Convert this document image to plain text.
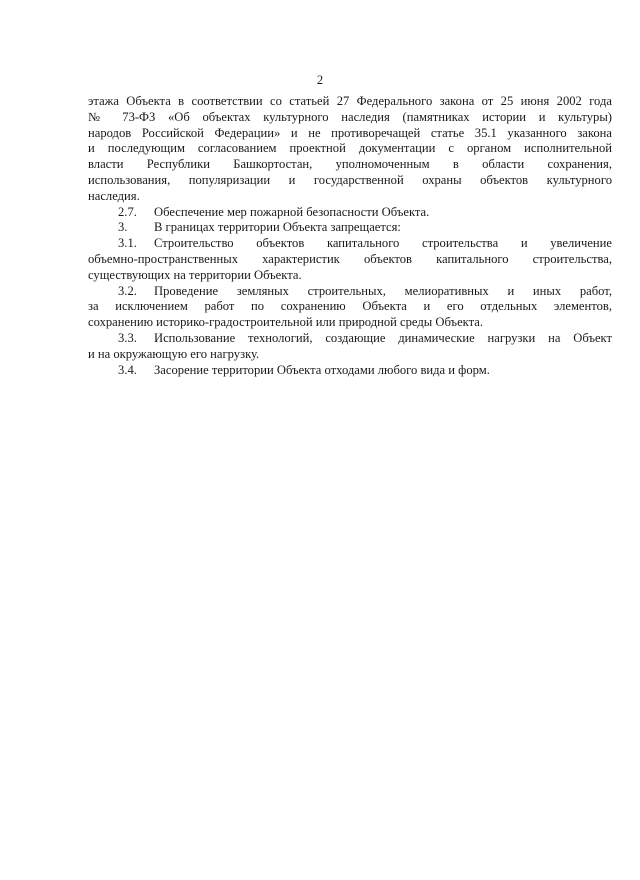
2
этажа Объекта в соответствии со статьей 27 Федерального закона от 25 июня 2002 года
№ 73-ФЗ «Об объектах культурного наследия (памятниках истории и культуры)
народов Российской Федерации» и не противоречащей статье 35.1 указанного закона
и последующим согласованием проектной документации с органом исполнительной
власти Республики Башкортостан, уполномоченным в области сохранения,
использования, популяризации и государственной охраны объектов культурного
наследия.
2.7. Обеспечение мер пожарной безопасности Объекта.
3. В границах территории Объекта запрещается:
3.1.	Строительство объектов капитального строительства и увеличение
объемно-пространственных характеристик объектов капитального строительства,
существующих на территории Объекта.
3.2.	Проведение земляных строительных, мелиоративных и иных работ,
за исключением работ по сохранению Объекта и его отдельных элементов,
сохранению историко-градостроительной или природной среды Объекта.
3.3.	Использование технологий, создающие динамические нагрузки на Объект
и на окружающую его нагрузку.
3.4. Засорение территории Объекта отходами любого вида и форм.
